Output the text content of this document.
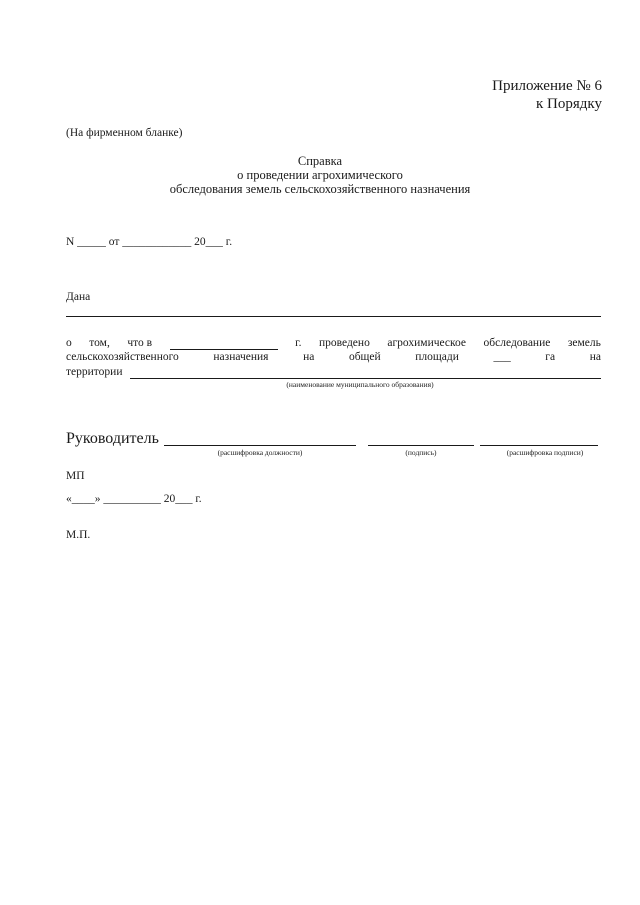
Приложение № 6
к Порядку
(На фирменном бланке)
Справка
о проведении агрохимического
обследования земель сельскохозяйственного назначения
N _____ от ____________ 20___ г.
Дана
о том, что в	г. проведено агрохимическое обследование земель
сельскохозяйственного	назначения	на	общей	площади	___	га	на
территории
(наименование муниципального образования)
Руководитель
(расшифровка должности)	(подпись)	(расшифровка подписи)
МП
«____» __________ 20___ г.
М.П.
